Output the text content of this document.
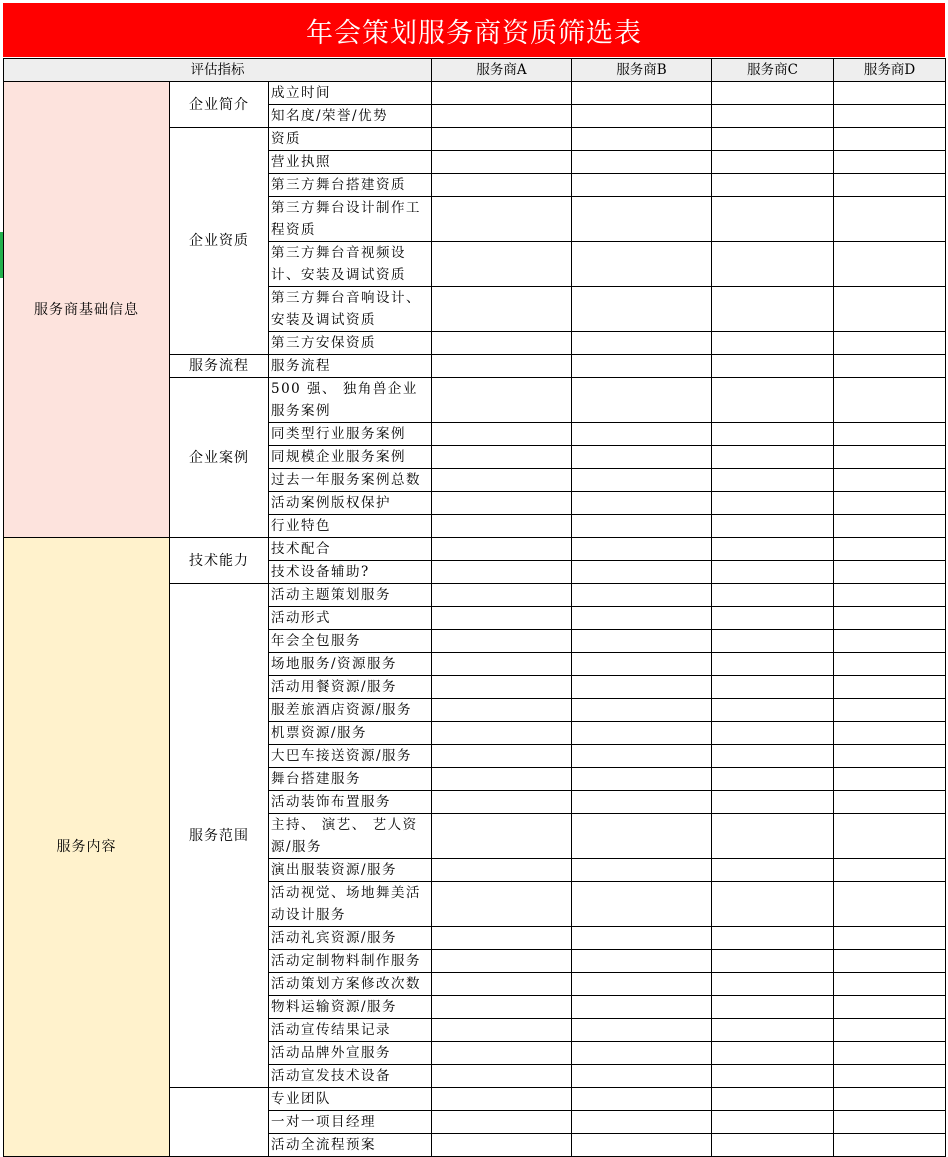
年会策划服务商资质筛选表
评估指标			服务商A	服务商B	服务商C	服务商D
服务商基础信息	企业简介	成立时间				
		知名度/荣誉/优势				
	企业资质	资质				
		营业执照				
		第三方舞台搭建资质				
		第三方舞台设计制作工程资质				
		第三方舞台音视频设计、安装及调试资质				
		第三方舞台音响设计、安装及调试资质				
		第三方安保资质				
	服务流程	服务流程				
	企业案例	500 强、 独角兽企业服务案例				
		同类型行业服务案例				
		同规模企业服务案例				
		过去一年服务案例总数				
		活动案例版权保护				
		行业特色				
服务内容	技术能力	技术配合				
		技术设备辅助?				
	服务范围	活动主题策划服务				
		活动形式				
		年会全包服务				
		场地服务/资源服务				
		活动用餐资源/服务				
		服差旅酒店资源/服务				
		机票资源/服务				
		大巴车接送资源/服务				
		舞台搭建服务				
		活动装饰布置服务				
		主持、 演艺、 艺人资源/服务				
		演出服装资源/服务				
		活动视觉、场地舞美活动设计服务				
		活动礼宾资源/服务				
		活动定制物料制作服务				
		活动策划方案修改次数				
		物料运输资源/服务				
		活动宣传结果记录				
		活动品牌外宣服务				
		活动宣发技术设备				
		专业团队				
		一对一项目经理				
		活动全流程预案				
